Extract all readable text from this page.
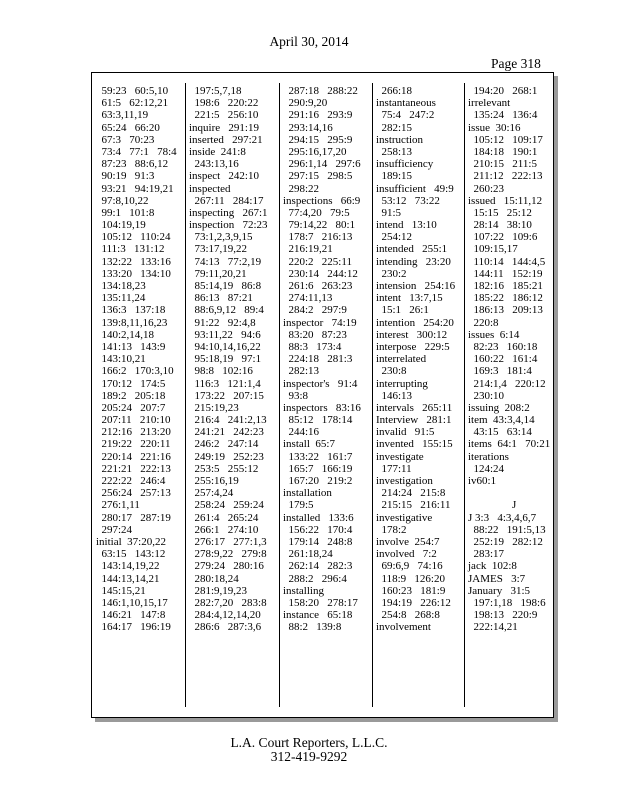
April 30, 2014
Page 318
59:23   60:5,10
61:5   62:12,21
63:3,11,19
65:24   66:20
67:3   70:23
73:4   77:1   78:4
87:23   88:6,12
90:19   91:3
93:21   94:19,21
97:8,10,22
99:1   101:8
104:19,19
105:12   110:24
111:3   131:12
132:22   133:16
133:20   134:10
134:18,23
135:11,24
136:3   137:18
139:8,11,16,23
140:2,14,18
141:13   143:9
143:10,21
166:2   170:3,10
170:12   174:5
189:2   205:18
205:24   207:7
207:11   210:10
212:16   213:20
219:22   220:11
220:14   221:16
221:21   222:13
222:22   246:4
256:24   257:13
276:1,11
280:17   287:19
297:24
initial  37:20,22
63:15   143:12
143:14,19,22
144:13,14,21
145:15,21
146:1,10,15,17
146:21   147:8
164:17   196:19
197:5,7,18
198:6   220:22
221:5   256:10
inquire   291:19
inserted   297:21
inside  241:8
243:13,16
inspect   242:10
inspected
267:11   284:17
inspecting   267:1
inspection   72:23
73:1,2,3,9,15
73:17,19,22
74:13   77:2,19
79:11,20,21
85:14,19   86:8
86:13   87:21
88:6,9,12   89:4
91:22   92:4,8
93:11,22   94:6
94:10,14,16,22
95:18,19   97:1
98:8   102:16
116:3   121:1,4
173:22   207:15
215:19,23
216:4   241:2,13
241:21   242:23
246:2   247:14
249:19   252:23
253:5   255:12
255:16,19
257:4,24
258:24   259:24
261:4   265:24
266:1   274:10
276:17   277:1,3
278:9,22   279:8
279:24   280:16
280:18,24
281:9,19,23
282:7,20   283:8
284:4,12,14,20
286:6   287:3,6
287:18   288:22
290:9,20
291:16   293:9
293:14,16
294:15   295:9
295:16,17,20
296:1,14   297:6
297:15   298:5
298:22
inspections   66:9
77:4,20   79:5
79:14,22   80:1
178:7   216:13
216:19,21
220:2   225:11
230:14   244:12
261:6   263:23
274:11,13
284:2   297:9
inspector   74:19
83:20   87:23
88:3   173:4
224:18   281:3
282:13
inspector's   91:4
93:8
inspectors   83:16
85:12   178:14
244:16
install  65:7
133:22   161:7
165:7   166:19
167:20   219:2
installation
179:5
installed   133:6
156:22   170:4
179:14   248:8
261:18,24
262:14   282:3
288:2   296:4
installing
158:20   278:17
instance   65:18
88:2   139:8
266:18
instantaneous
75:4   247:2
282:15
instruction
258:13
insufficiency
189:15
insufficient   49:9
53:12   73:22
91:5
intend   13:10
254:12
intended   255:1
intending   23:20
230:2
intension   254:16
intent   13:7,15
15:1   26:1
intention   254:20
interest   300:12
interpose   229:5
interrelated
230:8
interrupting
146:13
intervals   265:11
Interview   281:1
invalid   91:5
invented   155:15
investigate
177:11
investigation
214:24   215:8
215:15   216:11
investigative
178:2
involve  254:7
involved   7:2
69:6,9   74:16
118:9   126:20
160:23   181:9
194:19   226:12
254:8   268:8
involvement
194:20   268:1
irrelevant
135:24   136:4
issue  30:16
105:12   109:17
184:18   190:1
210:15   211:5
211:12   222:13
260:23
issued   15:11,12
15:15   25:12
28:14   38:10
107:22   109:6
109:15,17
110:14   144:4,5
144:11   152:19
182:16   185:21
185:22   186:12
186:13   209:13
220:8
issues  6:14
82:23   160:18
160:22   161:4
169:3   181:4
214:1,4   220:12
230:10
issuing  208:2
item  43:3,4,14
43:15   63:14
items  64:1   70:21
iterations
124:24
iv60:1
J
J 3:3   4:3,4,6,7
88:22   191:5,13
252:19   282:12
283:17
jack  102:8
JAMES   3:7
January   31:5
197:1,18   198:6
198:13   220:9
222:14,21
L.A. Court Reporters, L.L.C.
312-419-9292
